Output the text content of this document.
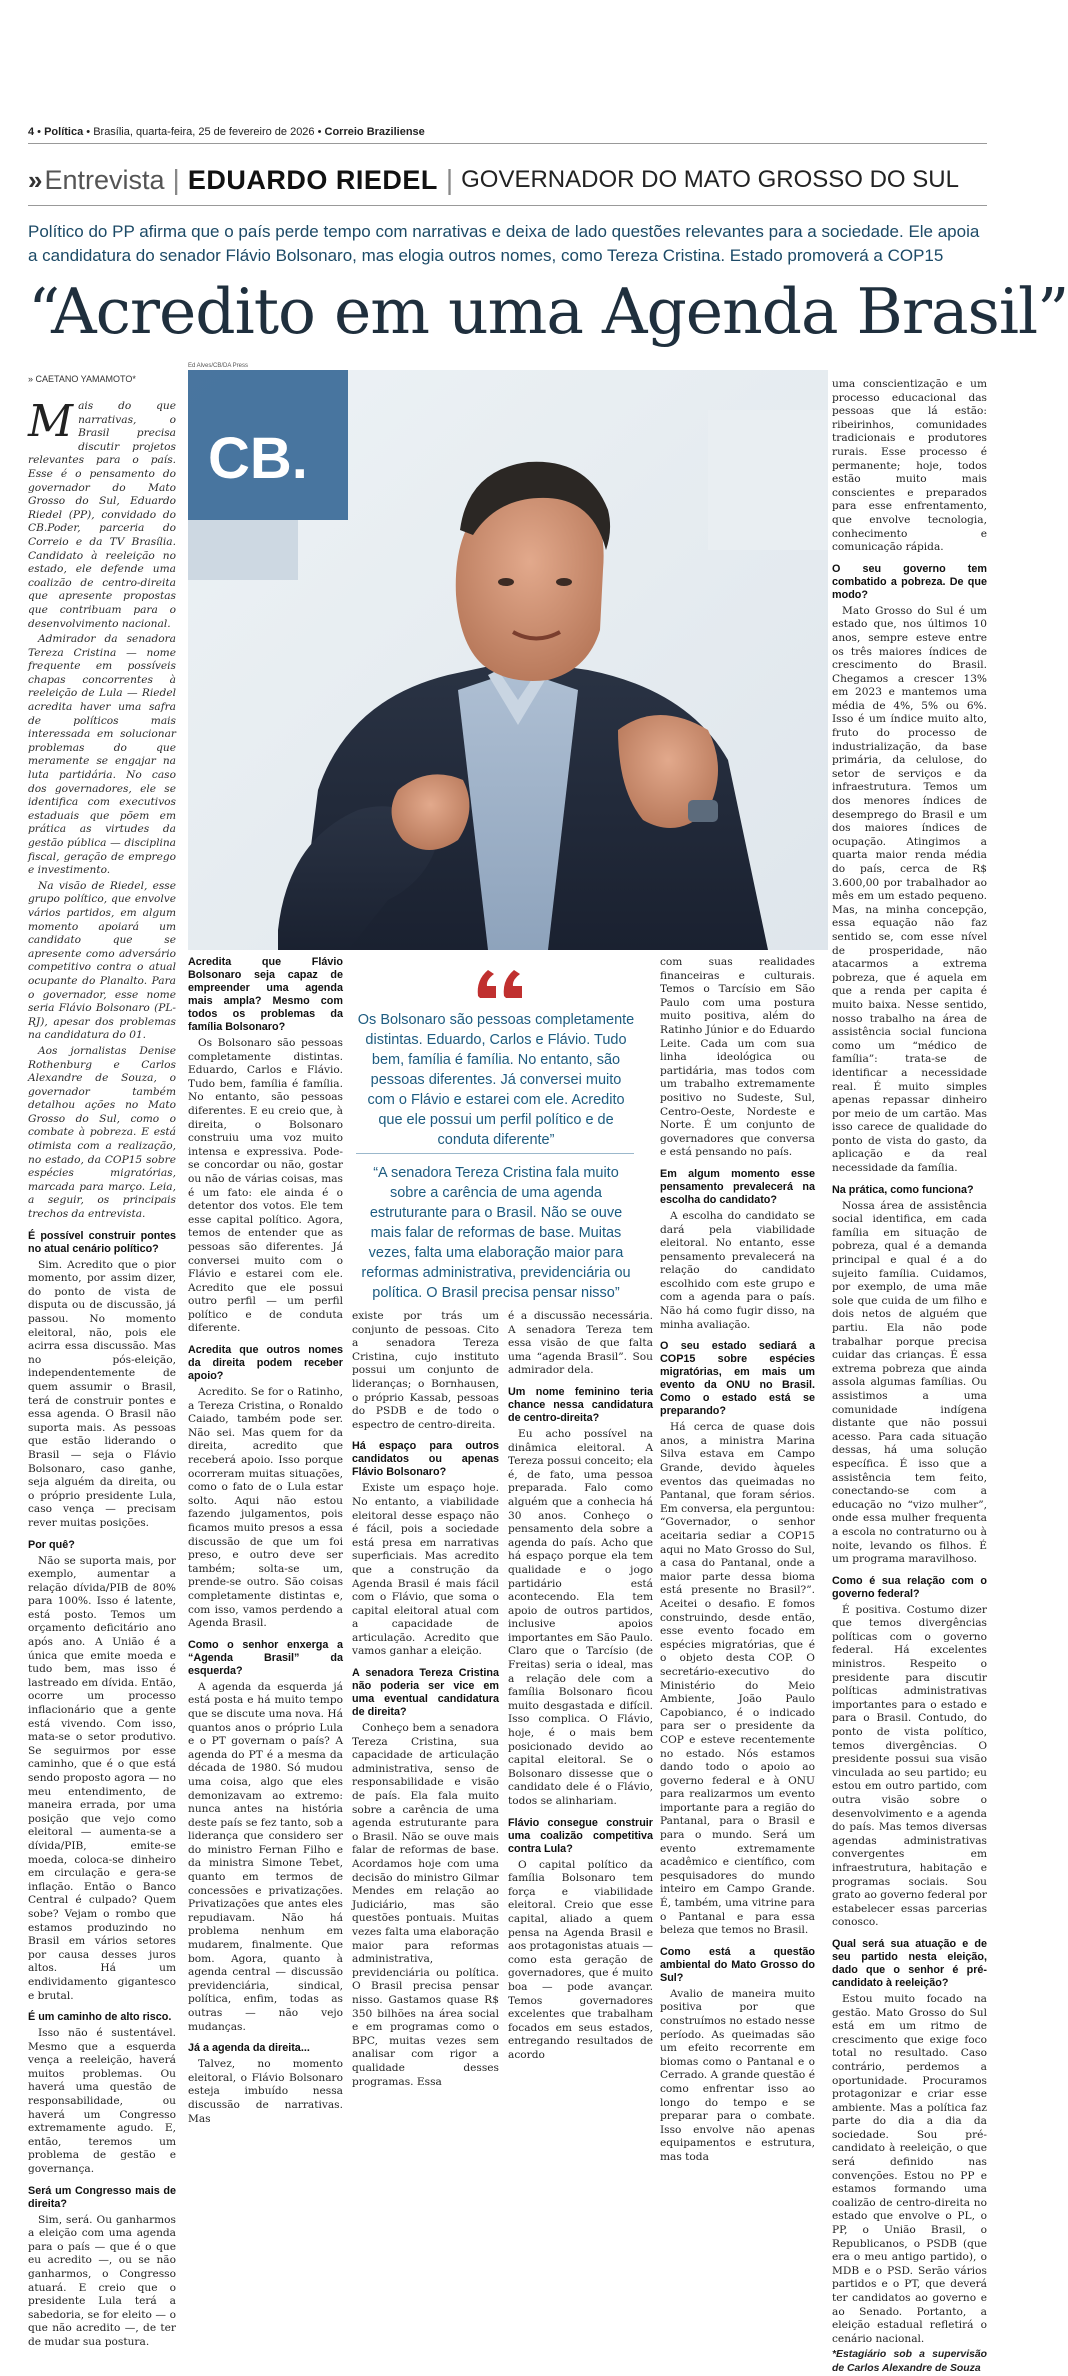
4 • Política • Brasília, quarta-feira, 25 de fevereiro de 2026 • Correio Braziliense
» Entrevista | EDUARDO RIEDEL | GOVERNADOR DO MATO GROSSO DO SUL
Político do PP afirma que o país perde tempo com narrativas e deixa de lado questões relevantes para a sociedade. Ele apoia a candidatura do senador Flávio Bolsonaro, mas elogia outros nomes, como Tereza Cristina. Estado promoverá a COP15
“Acredito em uma Agenda Brasil”
» CAETANO YAMAMOTO*
Ed Alves/CB/DA Press
CB.

Mais do que narrativas, o Brasil precisa discutir projetos relevantes para o país. Esse é o pensamento do governador do Mato Grosso do Sul, Eduardo Riedel (PP), convidado do CB.Poder, parceria do Correio e da TV Brasília. Candidato à reeleição no estado, ele defende uma coalizão de centro-direita que apresente propostas que contribuam para o desenvolvimento nacional.

Admirador da senadora Tereza Cristina — nome frequente em possíveis chapas concorrentes à reeleição de Lula — Riedel acredita haver uma safra de políticos mais interessada em solucionar problemas do que meramente se engajar na luta partidária. No caso dos governadores, ele se identifica com executivos estaduais que põem em prática as virtudes da gestão pública — disciplina fiscal, geração de emprego e investimento.

Na visão de Riedel, esse grupo político, que envolve vários partidos, em algum momento apoiará um candidato que se apresente como adversário competitivo contra o atual ocupante do Planalto. Para o governador, esse nome seria Flávio Bolsonaro (PL-RJ), apesar dos problemas na candidatura do 01.

Aos jornalistas Denise Rothenburg e Carlos Alexandre de Souza, o governador também detalhou ações no Mato Grosso do Sul, como o combate à pobreza. E está otimista com a realização, no estado, da COP15 sobre espécies migratórias, marcada para março. Leia, a seguir, os principais trechos da entrevista.

É possível construir pontes no atual cenário político?

Sim. Acredito que o pior momento, por assim dizer, do ponto de vista de disputa ou de discussão, já passou. No momento eleitoral, não, pois ele acirra essa discussão. Mas no pós-eleição, independentemente de quem assumir o Brasil, terá de construir pontes e essa agenda. O Brasil não suporta mais. As pessoas que estão liderando o Brasil — seja o Flávio Bolsonaro, caso ganhe, seja alguém da direita, ou o próprio presidente Lula, caso vença — precisam rever muitas posições.

Por quê?

Não se suporta mais, por exemplo, aumentar a relação dívida/PIB de 80% para 100%. Isso é latente, está posto. Temos um orçamento deficitário ano após ano. A União é a única que emite moeda e tudo bem, mas isso é lastreado em dívida. Então, ocorre um processo inflacionário que a gente está vivendo. Com isso, mata-se o setor produtivo. Se seguirmos por esse caminho, que é o que está sendo proposto agora — no meu entendimento, de maneira errada, por uma posição que vejo como eleitoral — aumenta-se a dívida/PIB, emite-se moeda, coloca-se dinheiro em circulação e gera-se inflação. Então o Banco Central é culpado? Quem sobe? Vejam o rombo que estamos produzindo no Brasil em vários setores por causa desses juros altos. Há um endividamento gigantesco e brutal.

É um caminho de alto risco.

Isso não é sustentável. Mesmo que a esquerda vença a reeleição, haverá muitos problemas. Ou haverá uma questão de responsabilidade, ou haverá um Congresso extremamente agudo. E, então, teremos um problema de gestão e governança.

Será um Congresso mais de direita?

Sim, será. Ou ganharmos a eleição com uma agenda para o país — que é o que eu acredito —, ou se não ganharmos, o Congresso atuará. E creio que o presidente Lula terá a sabedoria, se for eleito — o que não acredito —, de ter de mudar sua postura.

Acredita que Flávio Bolsonaro seja capaz de empreender uma agenda mais ampla? Mesmo com todos os problemas da família Bolsonaro?

Os Bolsonaro são pessoas completamente distintas. Eduardo, Carlos e Flávio. Tudo bem, família é família. No entanto, são pessoas diferentes. E eu creio que, à direita, o Bolsonaro construiu uma voz muito intensa e expressiva. Pode-se concordar ou não, gostar ou não de várias coisas, mas é um fato: ele ainda é o detentor dos votos. Ele tem esse capital político. Agora, temos de entender que as pessoas são diferentes. Já conversei muito com o Flávio e estarei com ele. Acredito que ele possui outro perfil — um perfil político e de conduta diferente.

Acredita que outros nomes da direita podem receber apoio?

Acredito. Se for o Ratinho, a Tereza Cristina, o Ronaldo Caiado, também pode ser. Não sei. Mas quem for da direita, acredito que receberá apoio. Isso porque ocorreram muitas situações, como o fato de o Lula estar solto. Aqui não estou fazendo julgamentos, pois ficamos muito presos a essa discussão de que um foi preso, e outro deve ser também; solta-se um, prende-se outro. São coisas completamente distintas e, com isso, vamos perdendo a Agenda Brasil.

Como o senhor enxerga a “Agenda Brasil” da esquerda?

A agenda da esquerda já está posta e há muito tempo que se discute uma nova. Há quantos anos o próprio Lula e o PT governam o país? A agenda do PT é a mesma da década de 1980. Só mudou uma coisa, algo que eles demonizavam ao extremo: nunca antes na história deste país se fez tanto, sob a liderança que considero ser do ministro Fernan Filho e da ministra Simone Tebet, quanto em termos de concessões e privatizações. Privatizações que antes eles repudiavam. Não há problema nenhum em mudarem, finalmente. Que bom. Agora, quanto à agenda central — discussão previdenciária, sindical, política, enfim, todas as outras — não vejo mudanças.

Já a agenda da direita...

Talvez, no momento eleitoral, o Flávio Bolsonaro esteja imbuído nessa discussão de narrativas. Mas

Os Bolsonaro são pessoas completamente distintas. Eduardo, Carlos e Flávio. Tudo bem, família é família. No entanto, são pessoas diferentes. Já conversei muito com o Flávio e estarei com ele. Acredito que ele possui um perfil político e de conduta diferente”
“A senadora Tereza Cristina fala muito sobre a carência de uma agenda estruturante para o Brasil. Não se ouve mais falar de reformas de base. Muitas vezes, falta uma elaboração maior para reformas administrativa, previdenciária ou política. O Brasil precisa pensar nisso”

existe por trás um conjunto de pessoas. Cito a senadora Tereza Cristina, cujo instituto possui um conjunto de lideranças; o Bornhausen, o próprio Kassab, pessoas do PSDB e de todo o espectro de centro-direita.

Há espaço para outros candidatos ou apenas Flávio Bolsonaro?

Existe um espaço hoje. No entanto, a viabilidade eleitoral desse espaço não é fácil, pois a sociedade está presa em narrativas superficiais. Mas acredito que a construção da Agenda Brasil é mais fácil com o Flávio, que soma o capital eleitoral atual com a capacidade de articulação. Acredito que vamos ganhar a eleição.

A senadora Tereza Cristina não poderia ser vice em uma eventual candidatura de direita?

Conheço bem a senadora Tereza Cristina, sua capacidade de articulação administrativa, senso de responsabilidade e visão de país. Ela fala muito sobre a carência de uma agenda estruturante para o Brasil. Não se ouve mais falar de reformas de base. Acordamos hoje com uma decisão do ministro Gilmar Mendes em relação ao Judiciário, mas são questões pontuais. Muitas vezes falta uma elaboração maior para reformas administrativa, previdenciária ou política. O Brasil precisa pensar nisso. Gastamos quase R$ 350 bilhões na área social e em programas como o BPC, muitas vezes sem analisar com rigor a qualidade desses programas. Essa

é a discussão necessária. A senadora Tereza tem essa visão de que falta uma “agenda Brasil”. Sou admirador dela.

Um nome feminino teria chance nessa candidatura de centro-direita?

Eu acho possível na dinâmica eleitoral. A Tereza possui conceito; ela é, de fato, uma pessoa preparada. Falo como alguém que a conhecia há 30 anos. Conheço o pensamento dela sobre a agenda do país. Acho que há espaço porque ela tem qualidade e o jogo partidário está acontecendo. Ela tem apoio de outros partidos, inclusive apoios importantes em São Paulo. Claro que o Tarcísio (de Freitas) seria o ideal, mas a relação dele com a família Bolsonaro ficou muito desgastada e difícil. Isso complica. O Flávio, hoje, é o mais bem posicionado devido ao capital eleitoral. Se o Bolsonaro dissesse que o candidato dele é o Flávio, todos se alinhariam.

Flávio consegue construir uma coalizão competitiva contra Lula?

O capital político da família Bolsonaro tem força e viabilidade eleitoral. Creio que esse capital, aliado a quem pensa na Agenda Brasil e aos protagonistas atuais — como esta geração de governadores, que é muito boa — pode avançar. Temos governadores excelentes que trabalham focados em seus estados, entregando resultados de acordo

com suas realidades financeiras e culturais. Temos o Tarcísio em São Paulo com uma postura muito positiva, além do Ratinho Júnior e do Eduardo Leite. Cada um com sua linha ideológica ou partidária, mas todos com um trabalho extremamente positivo no Sudeste, Sul, Centro-Oeste, Nordeste e Norte. É um conjunto de governadores que conversa e está pensando no país.

Em algum momento esse pensamento prevalecerá na escolha do candidato?

A escolha do candidato se dará pela viabilidade eleitoral. No entanto, esse pensamento prevalecerá na relação do candidato escolhido com este grupo e com a agenda para o país. Não há como fugir disso, na minha avaliação.

O seu estado sediará a COP15 sobre espécies migratórias, em mais um evento da ONU no Brasil. Como o estado está se preparando?

Há cerca de quase dois anos, a ministra Marina Silva estava em Campo Grande, devido àqueles eventos das queimadas no Pantanal, que foram sérios. Em conversa, ela perguntou: “Governador, o senhor aceitaria sediar a COP15 aqui no Mato Grosso do Sul, a casa do Pantanal, onde a maior parte dessa bioma está presente no Brasil?”. Aceitei o desafio. E fomos construindo, desde então, esse evento focado em espécies migratórias, que é o objeto desta COP. O secretário-executivo do Ministério do Meio Ambiente, João Paulo Capobianco, é o indicado para ser o presidente da COP e esteve recentemente no estado. Nós estamos dando todo o apoio ao governo federal e à ONU para realizarmos um evento importante para a região do Pantanal, para o Brasil e para o mundo. Será um evento extremamente acadêmico e científico, com pesquisadores do mundo inteiro em Campo Grande. É, também, uma vitrine para o Pantanal e para essa beleza que temos no Brasil.

Como está a questão ambiental do Mato Grosso do Sul?

Avalio de maneira muito positiva por que construímos no estado nesse período. As queimadas são um efeito recorrente em biomas como o Pantanal e o Cerrado. A grande questão é como enfrentar isso ao longo do tempo e se preparar para o combate. Isso envolve não apenas equipamentos e estrutura, mas toda

uma conscientização e um processo educacional das pessoas que lá estão: ribeirinhos, comunidades tradicionais e produtores rurais. Esse processo é permanente; hoje, todos estão muito mais conscientes e preparados para esse enfrentamento, que envolve tecnologia, conhecimento e comunicação rápida.

O seu governo tem combatido a pobreza. De que modo?

Mato Grosso do Sul é um estado que, nos últimos 10 anos, sempre esteve entre os três maiores índices de crescimento do Brasil. Chegamos a crescer 13% em 2023 e mantemos uma média de 4%, 5% ou 6%. Isso é um índice muito alto, fruto do processo de industrialização, da base primária, da celulose, do setor de serviços e da infraestrutura. Temos um dos menores índices de desemprego do Brasil e um dos maiores índices de ocupação. Atingimos a quarta maior renda média do país, cerca de R$ 3.600,00 por trabalhador ao mês em um estado pequeno. Mas, na minha concepção, essa equação não faz sentido se, com esse nível de prosperidade, não atacarmos a extrema pobreza, que é aquela em que a renda per capita é muito baixa. Nesse sentido, nosso trabalho na área de assistência social funciona como um “médico de família”: trata-se de identificar a necessidade real. É muito simples apenas repassar dinheiro por meio de um cartão. Mas isso carece de qualidade do ponto de vista do gasto, da aplicação e da real necessidade da família.

Na prática, como funciona?

Nossa área de assistência social identifica, em cada família em situação de pobreza, qual é a demanda principal e qual é a do sujeito família. Cuidamos, por exemplo, de uma mãe sole que cuida de um filho e dois netos de alguém que partiu. Ela não pode trabalhar porque precisa cuidar das crianças. É essa extrema pobreza que ainda assola algumas famílias. Ou assistimos a uma comunidade indígena distante que não possui acesso. Para cada situação dessas, há uma solução específica. É isso que a assistência tem feito, conectando-se com a educação no “vizo mulher”, onde essa mulher frequenta a escola no contraturno ou à noite, levando os filhos. É um programa maravilhoso.

Como é sua relação com o governo federal?

É positiva. Costumo dizer que temos divergências políticas com o governo federal. Há excelentes ministros. Respeito o presidente para discutir políticas administrativas importantes para o estado e para o Brasil. Contudo, do ponto de vista político, temos divergências. O presidente possui sua visão vinculada ao seu partido; eu estou em outro partido, com outra visão sobre o desenvolvimento e a agenda do país. Mas temos diversas agendas administrativas convergentes em infraestrutura, habitação e programas sociais. Sou grato ao governo federal por estabelecer essas parcerias conosco.

Qual será sua atuação e de seu partido nesta eleição, dado que o senhor é pré-candidato à reeleição?

Estou muito focado na gestão. Mato Grosso do Sul está em um ritmo de crescimento que exige foco total no resultado. Caso contrário, perdemos a oportunidade. Procuramos protagonizar e criar esse ambiente. Mas a política faz parte do dia a dia da sociedade. Sou pré-candidato à reeleição, o que será definido nas convenções. Estou no PP e estamos formando uma coalizão de centro-direita no estado que envolve o PL, o PP, o União Brasil, o Republicanos, o PSDB (que era o meu antigo partido), o MDB e o PSD. Serão vários partidos e o PT, que deverá ter candidatos ao governo e ao Senado. Portanto, a eleição estadual refletirá o cenário nacional.

*Estagiário sob a supervisão de Carlos Alexandre de Souza
